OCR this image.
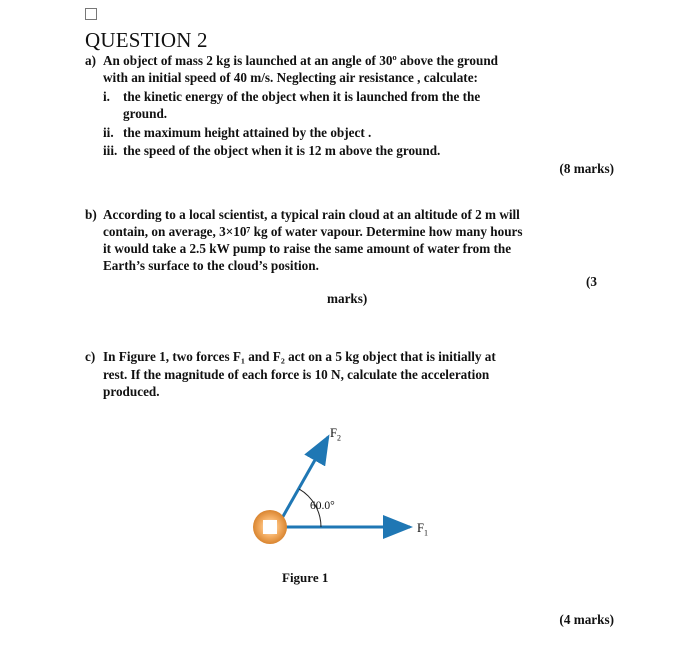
QUESTION 2
a) An object of mass 2 kg is launched at an angle of 30º above the ground
with an initial speed of 40 m/s. Neglecting air resistance , calculate:
i. the kinetic energy of the object when it is launched from the the
ground.
ii. the maximum height attained by the object .
iii. the speed of the object when it is 12 m above the ground.
(8 marks)
b) According to a local scientist, a typical rain cloud at an altitude of 2 m will
contain, on average, 3×10⁷ kg of water vapour. Determine how many hours
it would take a 2.5 kW pump to raise the same amount of water from the
Earth’s surface to the cloud’s position.
(3
marks)
c) In Figure 1, two forces F₁ and F₂ act on a 5 kg object that is initially at
rest. If the magnitude of each force is 10 N, calculate the acceleration
produced.
60.0°
$F_2$
$F_1$
Figure 1
(4 marks)
